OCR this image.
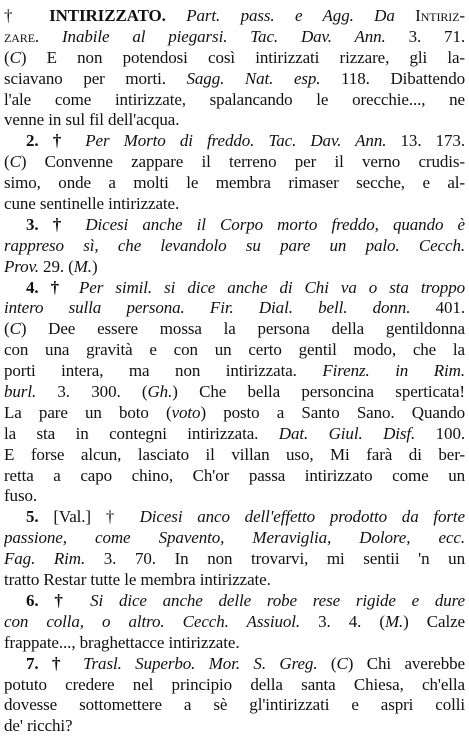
† INTIRIZZATO. Part. pass. e Agg. Da Intiriz-
zare. Inabile al piegarsi. Tac. Dav. Ann. 3. 71.
(C) E non potendosi così intirizzati rizzare, gli la-
sciavano per morti. Sagg. Nat. esp. 118. Dibattendo
l'ale come intirizzate, spalancando le orecchie..., ne
venne in sul fil dell'acqua.
2. † Per Morto di freddo. Tac. Dav. Ann. 13. 173.
(C) Convenne zappare il terreno per il verno crudis-
simo, onde a molti le membra rimaser secche, e al-
cune sentinelle intirizzate.
3. † Dicesi anche il Corpo morto freddo, quando è
rappreso sì, che levandolo su pare un palo. Cecch.
Prov. 29. (M.)
4. † Per simil. si dice anche di Chi va o sta troppo
intero sulla persona. Fir. Dial. bell. donn. 401.
(C) Dee essere mossa la persona della gentildonna
con una gravità e con un certo gentil modo, che la
porti intera, ma non intirizzata. Firenz. in Rim.
burl. 3. 300. (Gh.) Che bella personcina sperticata!
La pare un boto (voto) posto a Santo Sano. Quando
la sta in contegni intirizzata. Dat. Giul. Disf. 100.
E forse alcun, lasciato il villan uso, Mi farà di ber-
retta a capo chino, Ch'or passa intirizzato come un
fuso.
5. [Val.] † Dicesi anco dell'effetto prodotto da forte
passione, come Spavento, Meraviglia, Dolore, ecc.
Fag. Rim. 3. 70. In non trovarvi, mi sentii 'n un
tratto Restar tutte le membra intirizzate.
6. † Si dice anche delle robe rese rigide e dure
con colla, o altro. Cecch. Assiuol. 3. 4. (M.) Calze
frappate..., braghettacce intirizzate.
7. † Trasl. Superbo. Mor. S. Greg. (C) Chi averebbe
potuto credere nel principio della santa Chiesa, ch'ella
dovesse sottomettere a sè gl'intirizzati e aspri colli
de' ricchi?
